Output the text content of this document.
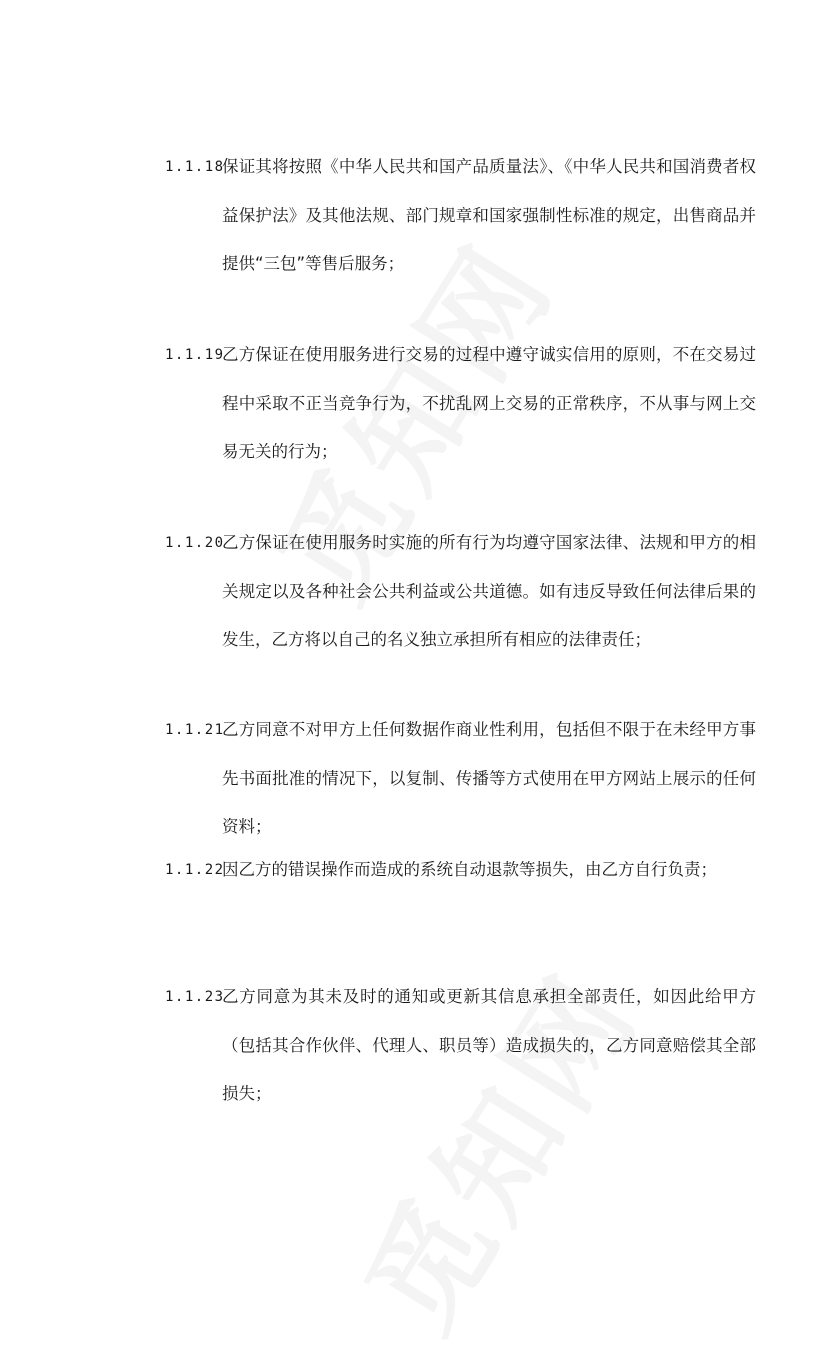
1.1.18
保证其将按照《中华人民共和国产品质量法》、《中华人民共和国消费者权益保护法》及其他法规、部门规章和国家强制性标准的规定，出售商品并提供“三包”等售后服务；
1.1.19
乙方保证在使用服务进行交易的过程中遵守诚实信用的原则，不在交易过程中采取不正当竞争行为，不扰乱网上交易的正常秩序，不从事与网上交易无关的行为；
1.1.20
乙方保证在使用服务时实施的所有行为均遵守国家法律、法规和甲方的相关规定以及各种社会公共利益或公共道德。如有违反导致任何法律后果的发生，乙方将以自己的名义独立承担所有相应的法律责任；
1.1.21
乙方同意不对甲方上任何数据作商业性利用，包括但不限于在未经甲方事先书面批准的情况下，以复制、传播等方式使用在甲方网站上展示的任何资料；
1.1.22
因乙方的错误操作而造成的系统自动退款等损失，由乙方自行负责；
1.1.23
乙方同意为其未及时的通知或更新其信息承担全部责任，如因此给甲方（包括其合作伙伴、代理人、职员等）造成损失的，乙方同意赔偿其全部损失；
